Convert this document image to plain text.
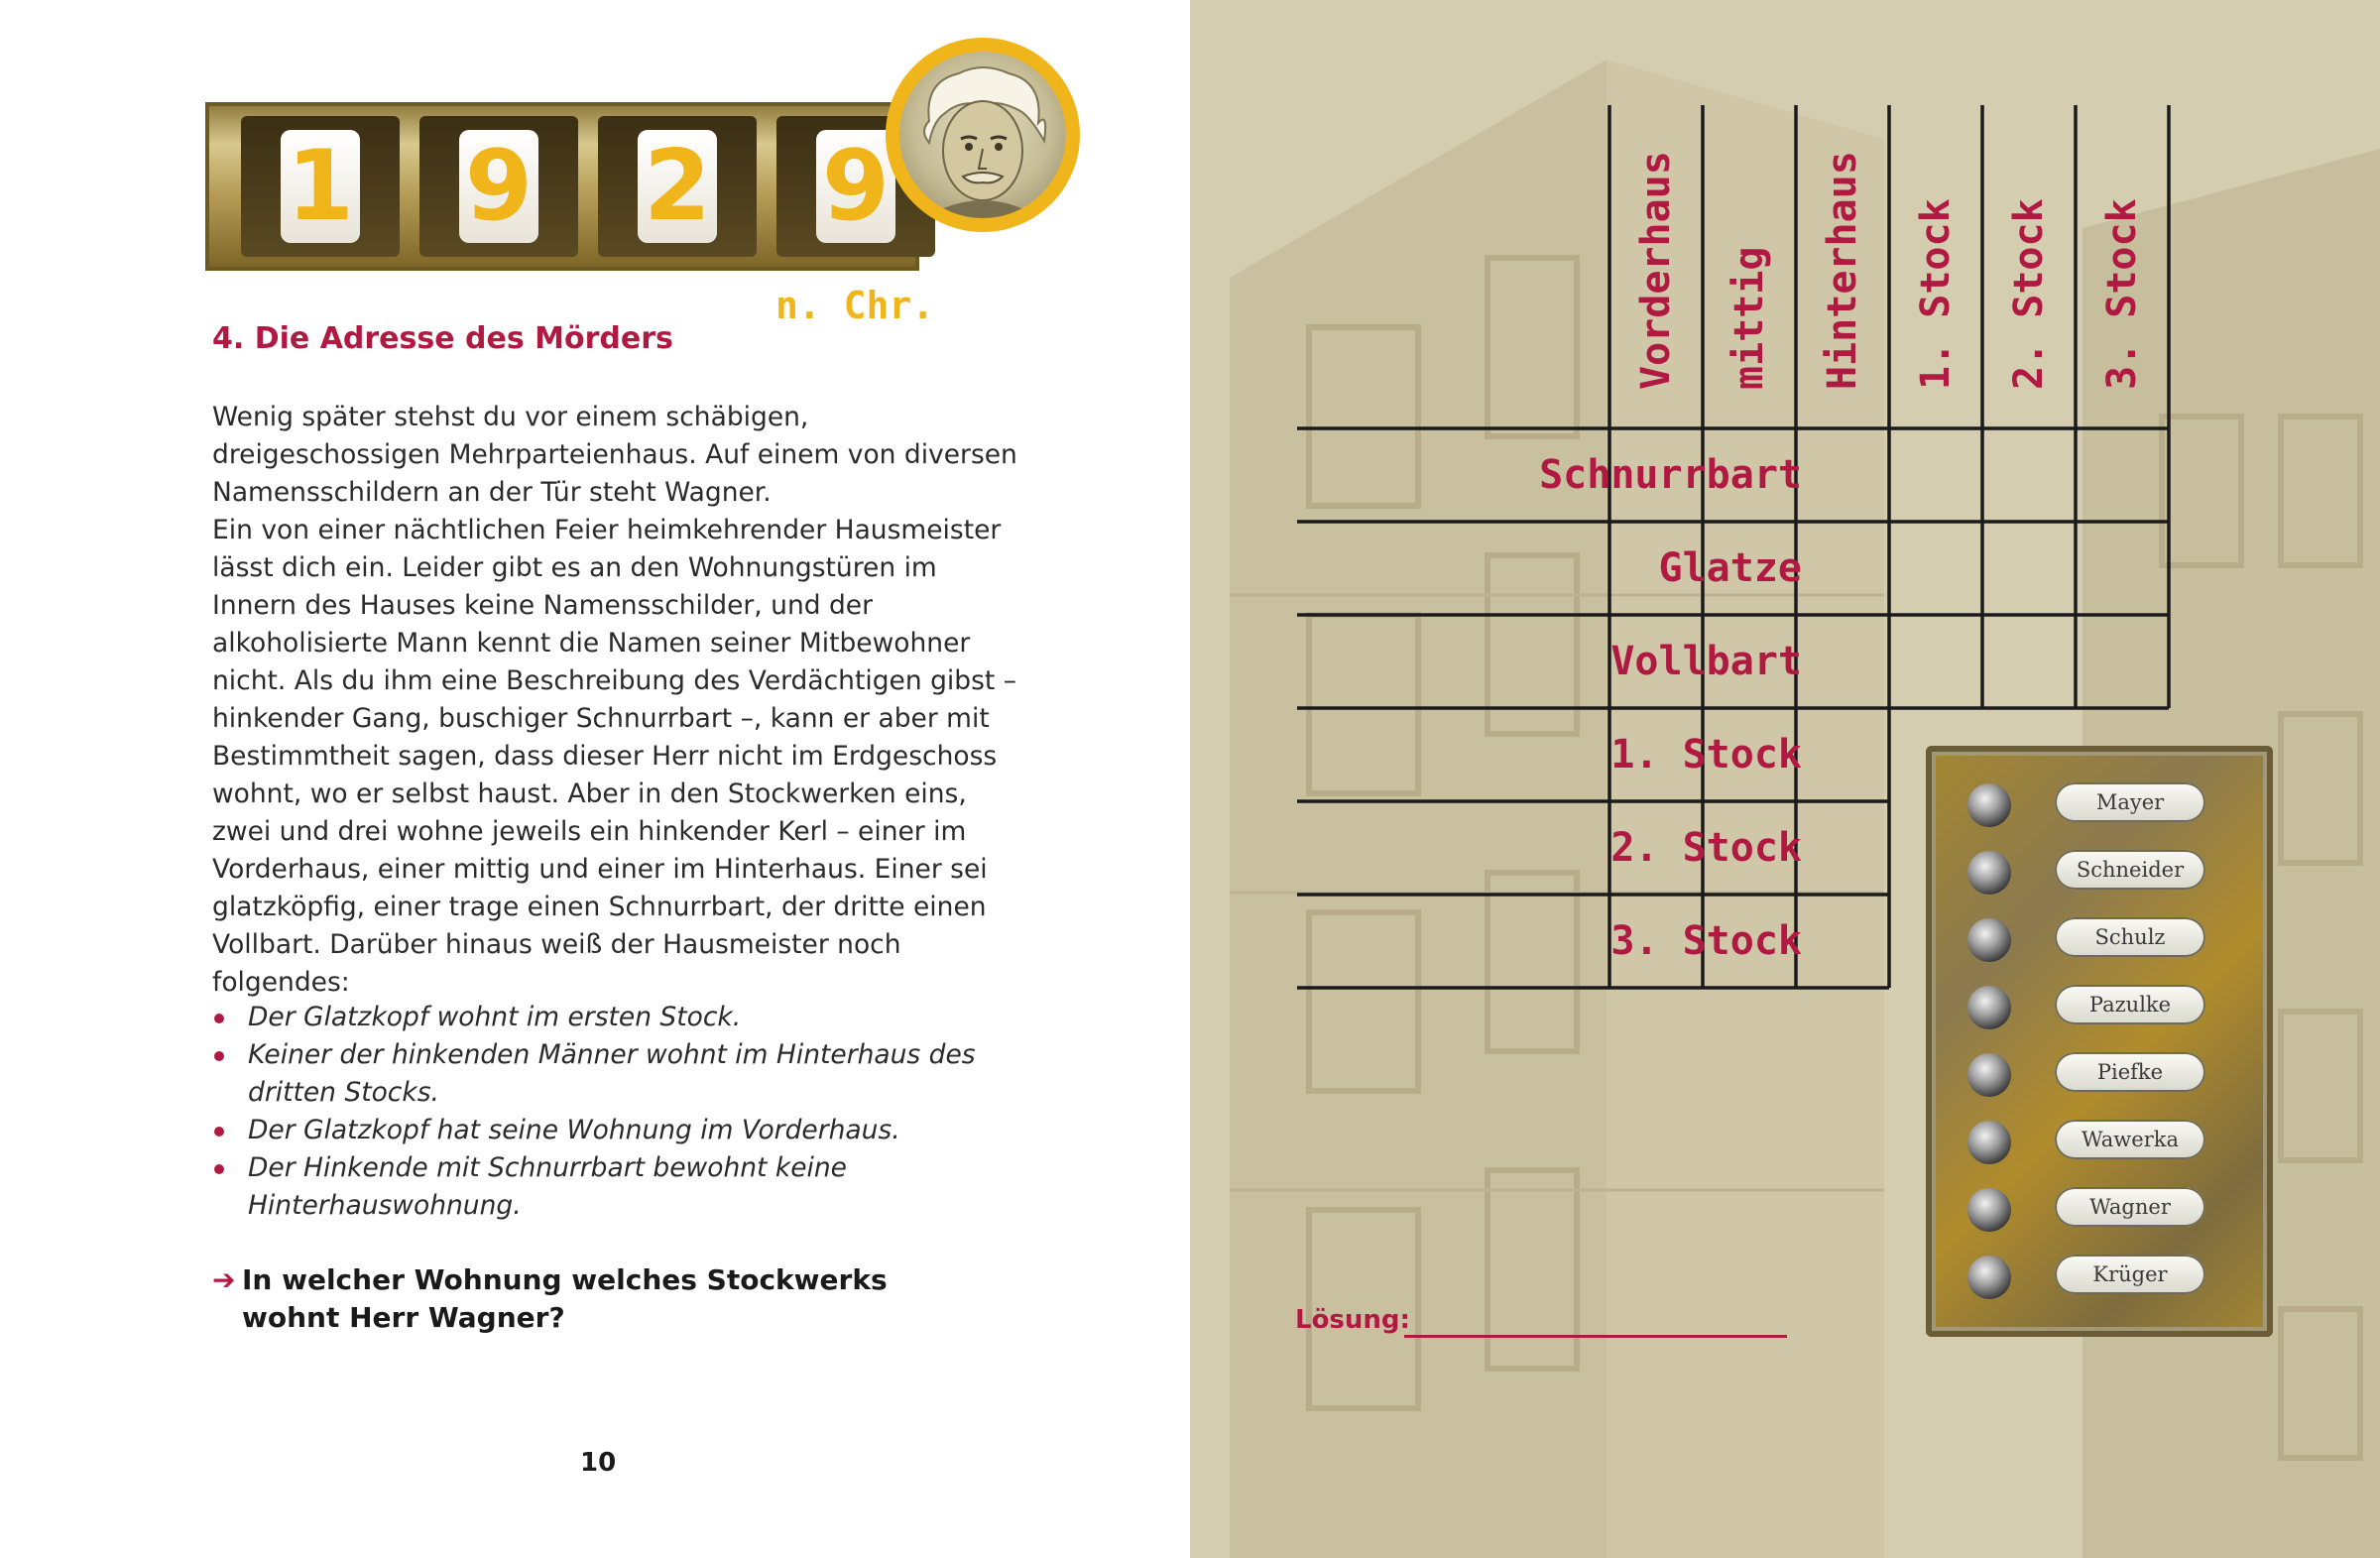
1 9 2 9
n. Chr.
4. Die Adresse des Mörders

Wenig später stehst du vor einem schäbigen, dreigeschossigen Mehrparteienhaus. Auf einem von diversen Namensschildern an der Tür steht Wagner.

Ein von einer nächtlichen Feier heimkehrender Hausmeister lässt dich ein. Leider gibt es an den Wohnungstüren im Innern des Hauses keine Namensschilder, und der alkoholisierte Mann kennt die Namen seiner Mitbewohner nicht. Als du ihm eine Beschreibung des Verdächtigen gibst – hinkender Gang, buschiger Schnurrbart –, kann er aber mit Bestimmtheit sagen, dass dieser Herr nicht im Erdgeschoss wohnt, wo er selbst haust. Aber in den Stockwerken eins, zwei und drei wohne jeweils ein hinkender Kerl – einer im Vorderhaus, einer mittig und einer im Hinterhaus. Einer sei glatzköpfig, einer trage einen Schnurrbart, der dritte einen Vollbart. Darüber hinaus weiß der Hausmeister noch folgendes:

Der Glatzkopf wohnt im ersten Stock.
Keiner der hinkenden Männer wohnt im Hinterhaus des dritten Stocks.
Der Glatzkopf hat seine Wohnung im Vorderhaus.
Der Hinkende mit Schnurrbart bewohnt keine Hinterhauswohnung.
➔ In welcher Wohnung welches Stockwerks wohnt Herr Wagner?
10
Vorderhaus	mittig	Hinterhaus	1. Stock	2. Stock	3. Stock
Schnurrbart
Glatze
Vollbart
1. Stock
2. Stock
3. Stock
Mayer
Schneider
Schulz
Pazulke
Piefke
Wawerka
Wagner
Krüger
Lösung:
